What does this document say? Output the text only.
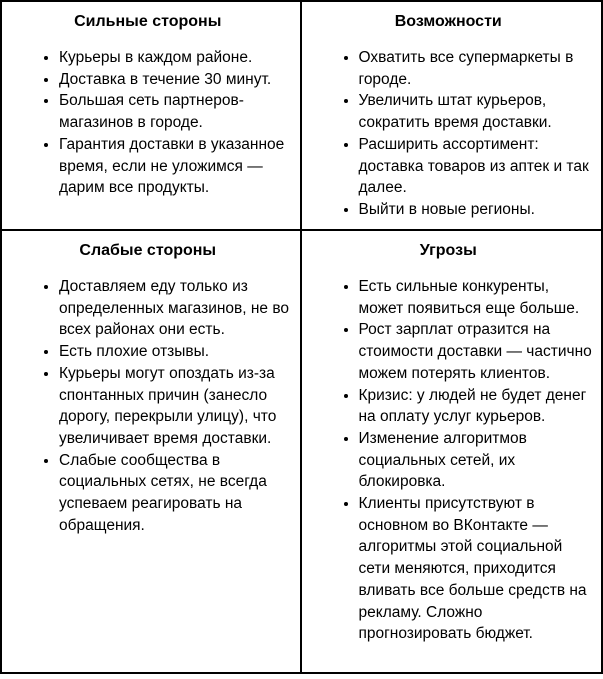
Сильные стороны
• Курьеры в каждом районе.
• Доставка в течение 30 минут.
• Большая сеть партнеров-магазинов в городе.
• Гарантия доставки в указанное время, если не уложимся — дарим все продукты.
Возможности
• Охватить все супермаркеты в городе.
• Увеличить штат курьеров, сократить время доставки.
• Расширить ассортимент: доставка товаров из аптек и так далее.
• Выйти в новые регионы.
Слабые стороны
• Доставляем еду только из определенных магазинов, не во всех районах они есть.
• Есть плохие отзывы.
• Курьеры могут опоздать из-за спонтанных причин (занесло дорогу, перекрыли улицу), что увеличивает время доставки.
• Слабые сообщества в социальных сетях, не всегда успеваем реагировать на обращения.
Угрозы
• Есть сильные конкуренты, может появиться еще больше.
• Рост зарплат отразится на стоимости доставки — частично можем потерять клиентов.
• Кризис: у людей не будет денег на оплату услуг курьеров.
• Изменение алгоритмов социальных сетей, их блокировка.
• Клиенты присутствуют в основном во ВКонтакте — алгоритмы этой социальной сети меняются, приходится вливать все больше средств на рекламу. Сложно прогнозировать бюджет.
